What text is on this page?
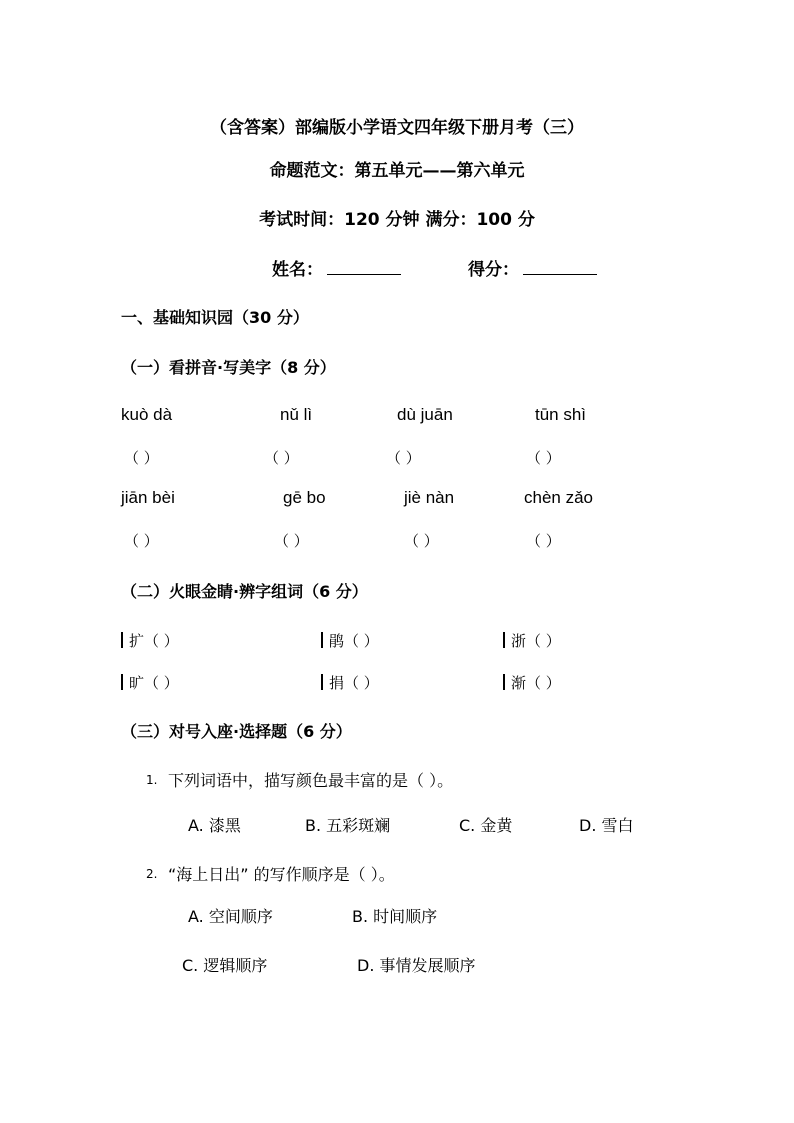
（含答案）部编版小学语文四年级下册月考（三）
命题范文：第五单元——第六单元
考试时间：120 分钟 满分：100 分
姓名：	得分：
一、基础知识园（30 分）
（一）看拼音·写美字（8 分）
kuò dà	nǔ lì	dù juān	tūn shì
（ ）	（ ）	（ ）	（ ）
jiān bèi	gē bo	jiè nàn	chèn zǎo
（ ）	（ ）	（ ）	（ ）
（二）火眼金睛·辨字组词（6 分）
扩（ ）	鹃（ ）	浙（ ）
旷（ ）	捐（ ）	渐（ ）
（三）对号入座·选择题（6 分）
1. 下列词语中，描写颜色最丰富的是（ ）。
A. 漆黑	B. 五彩斑斓	C. 金黄	D. 雪白
2. “海上日出” 的写作顺序是（ ）。
A. 空间顺序	B. 时间顺序
C. 逻辑顺序	D. 事情发展顺序
